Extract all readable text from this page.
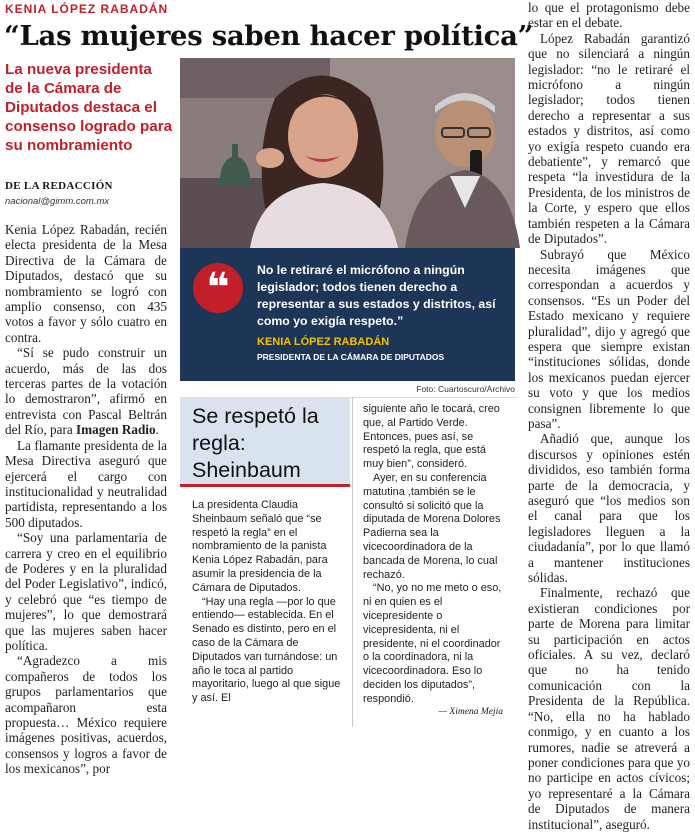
KENIA LÓPEZ RABADÁN
“Las mujeres saben hacer política”
La nueva presidenta de la Cámara de Diputados destaca el consenso logrado para su nombramiento
DE LA REDACCIÓN
nacional@gimm.com.mx

Kenia López Rabadán, recién electa presidenta de la Mesa Directiva de la Cámara de Diputados, destacó que su nombramiento se logró con amplio consenso, con 435 votos a favor y sólo cuatro en contra.

“Sí se pudo construir un acuerdo, más de las dos terceras partes de la votación lo demostraron”, afirmó en entrevista con Pascal Beltrán del Río, para Imagen Radio.

La flamante presidenta de la Mesa Directiva aseguró que ejercerá el cargo con institucionalidad y neutralidad partidista, representando a los 500 diputados.

“Soy una parlamentaria de carrera y creo en el equilibrio de Poderes y en la pluralidad del Poder Legislativo”, indicó, y celebró que “es tiempo de mujeres”, lo que demostrará que las mujeres saben hacer política.

“Agradezco a mis compañeros de todos los grupos parlamentarios que acompañaron esta propuesta… México requiere imágenes positivas, acuerdos, consensos y logros a favor de los mexicanos”, por

❝	No le retiraré el micrófono a ningún legislador; todos tienen derecho a representar a sus estados y distritos, así como yo exigía respeto.”
KENIA LÓPEZ RABADÁN
PRESIDENTA DE LA CÁMARA DE DIPUTADOS
Foto: Cuartoscuro/Archivo
Se respetó la regla: Sheinbaum

La presidenta Claudia Sheinbaum señaló que “se respetó la regla” en el nombramiento de la panista Kenia López Rabadán, para asumir la presidencia de la Cámara de Diputados.

“Hay una regla —por lo que entiendo— establecida. En el Senado es distinto, pero en el caso de la Cámara de Diputados van turnándose: un año le toca al partido mayoritario, luego al que sigue y así. El

siguiente año le tocará, creo que, al Partido Verde. Entonces, pues así, se respetó la regla, que está muy bien”, consideró.

Ayer, en su conferencia matutina ,también se le consultó si solicitó que la diputada de Morena Dolores Padierna sea la vicecoordinadora de la bancada de Morena, lo cual rechazó.

“No, yo no me meto o eso, ni en quien es el vicepresidente o vicepresidenta, ni el presidente, ni el coordinador o la coordinadora, ni la vicecoordinadora. Eso lo deciden los diputados”, respondió.

— Ximena Mejía

lo que el protagonismo debe estar en el debate.

López Rabadán garantizó que no silenciará a ningún legislador: “no le retiraré el micrófono a ningún legislador; todos tienen derecho a representar a sus estados y distritos, así como yo exigía respeto cuando era debatiente”, y remarcó que respeta “la investidura de la Presidenta, de los ministros de la Corte, y espero que ellos también respeten a la Cámara de Diputados”.

Subrayó que México necesita imágenes que correspondan a acuerdos y consensos. “Es un Poder del Estado mexicano y requiere pluralidad”, dijo y agregó que espera que siempre existan “instituciones sólidas, donde los mexicanos puedan ejercer su voto y que los medios consignen libremente lo que pasa”.

Añadió que, aunque los discursos y opiniones estén divididos, eso también forma parte de la democracia, y aseguró que “los medios son el canal para que los legisladores lleguen a la ciudadanía”, por lo que llamó a mantener instituciones sólidas.

Finalmente, rechazó que existieran condiciones por parte de Morena para limitar su participación en actos oficiales. A su vez, declaró que no ha tenido comunicación con la Presidenta de la República. “No, ella no ha hablado conmigo, y en cuanto a los rumores, nadie se atreverá a poner condiciones para que yo no participe en actos cívicos; yo representaré a la Cámara de Diputados de manera institucional”, aseguró.
